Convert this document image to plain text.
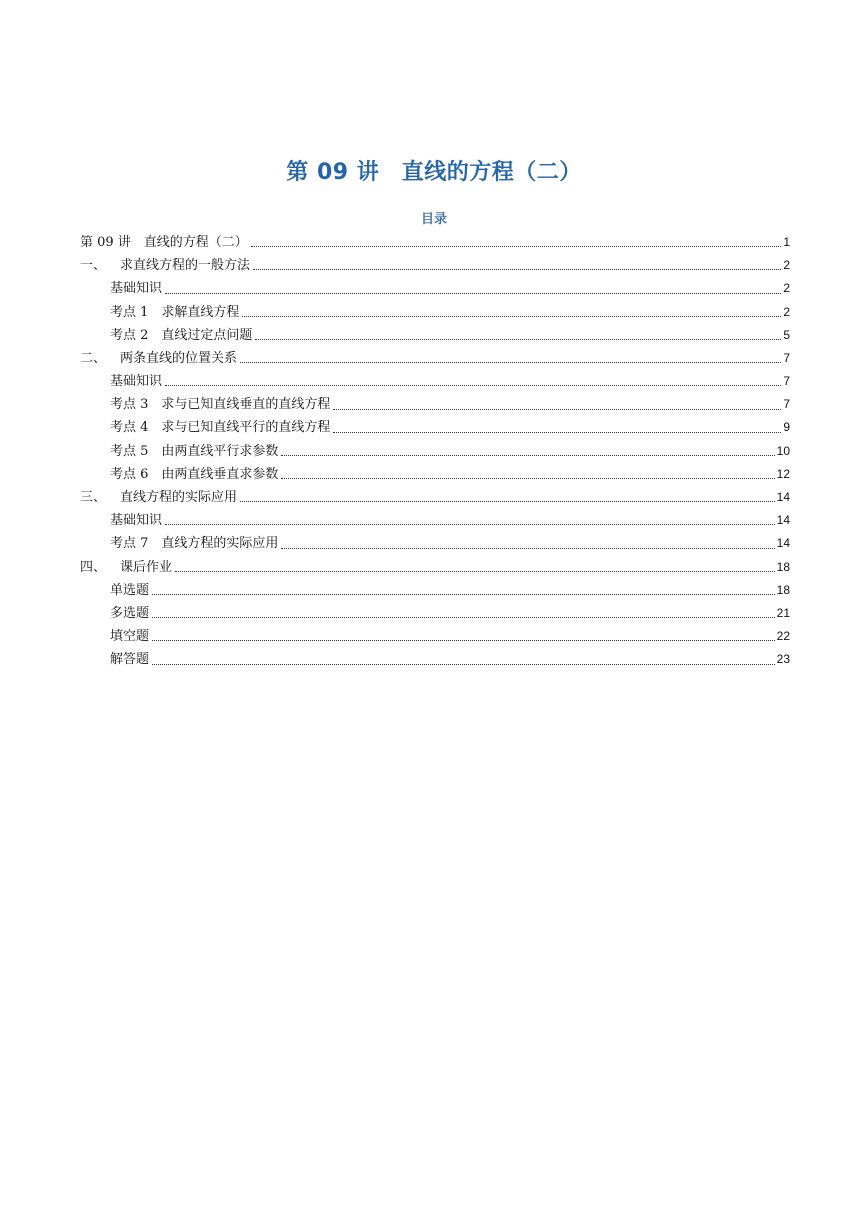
第 09 讲　直线的方程（二）
目录
第 09 讲　直线的方程（二）	1
一、 求直线方程的一般方法	2
基础知识	2
考点 1　求解直线方程	2
考点 2　直线过定点问题	5
二、 两条直线的位置关系	7
基础知识	7
考点 3　求与已知直线垂直的直线方程	7
考点 4　求与已知直线平行的直线方程	9
考点 5　由两直线平行求参数	10
考点 6　由两直线垂直求参数	12
三、 直线方程的实际应用	14
基础知识	14
考点 7　直线方程的实际应用	14
四、 课后作业	18
单选题	18
多选题	21
填空题	22
解答题	23
